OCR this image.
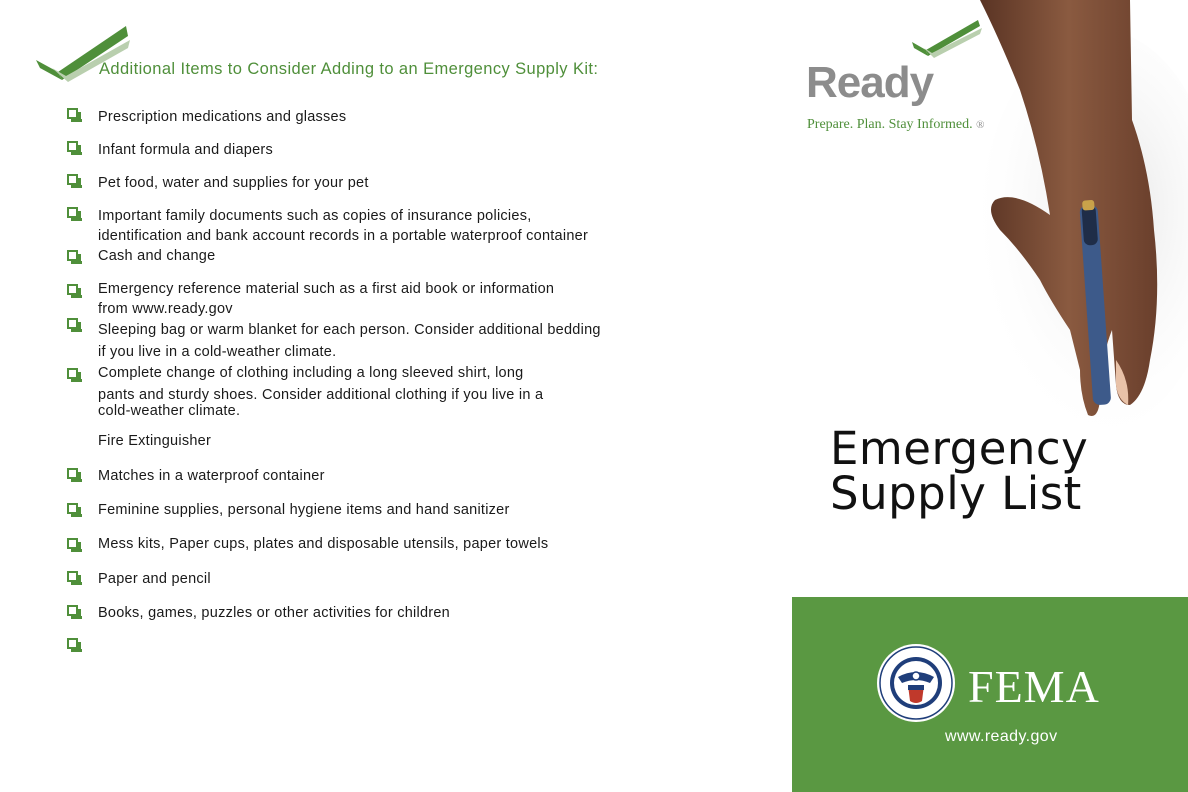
Additional Items to Consider Adding to an Emergency Supply Kit:
Prescription medications and glasses
Infant formula and diapers
Pet food, water and supplies for your pet
Important family documents such as copies of insurance policies,
identification and bank account records in a portable waterproof container
Cash and change
Emergency reference material such as a first aid book or information
from www.ready.gov
Sleeping bag or warm blanket for each person. Consider additional bedding
if you live in a cold-weather climate.
Complete change of clothing including a long sleeved shirt, long
pants and sturdy shoes. Consider additional clothing if you live in a
cold-weather climate.
Fire Extinguisher
Matches in a waterproof container
Feminine supplies, personal hygiene items and hand sanitizer
Mess kits, Paper cups, plates and disposable utensils, paper towels
Paper and pencil
Books, games, puzzles or other activities for children
Ready
Prepare. Plan. Stay Informed. ®
Emergency
Supply List
FEMA
www.ready.gov
